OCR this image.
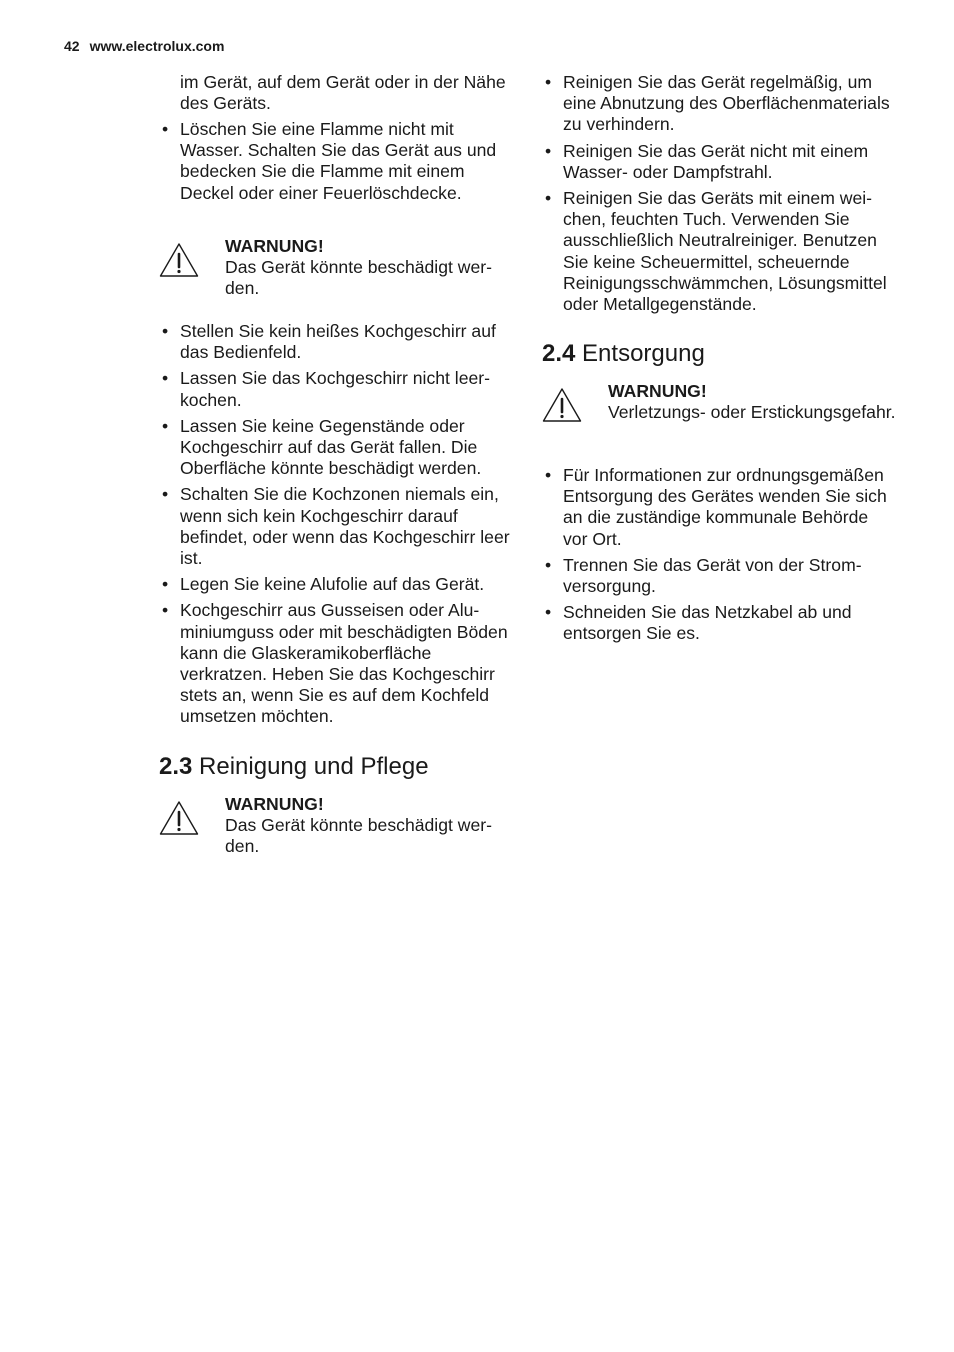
42 www.electrolux.com

im Gerät, auf dem Gerät oder in der Nähe des Geräts.

• Löschen Sie eine Flamme nicht mit Wasser. Schalten Sie das Gerät aus und bedecken Sie die Flamme mit einem Deckel oder einer Feuerlöschdecke.
WARNUNG!
Das Gerät könnte beschädigt werden.
• Stellen Sie kein heißes Kochgeschirr auf das Bedienfeld.
• Lassen Sie das Kochgeschirr nicht leerkochen.
• Lassen Sie keine Gegenstände oder Kochgeschirr auf das Gerät fallen. Die Oberfläche könnte beschädigt werden.
• Schalten Sie die Kochzonen niemals ein, wenn sich kein Kochgeschirr darauf befindet, oder wenn das Kochgeschirr leer ist.
• Legen Sie keine Alufolie auf das Gerät.
• Kochgeschirr aus Gusseisen oder Aluminiumguss oder mit beschädigten Böden kann die Glaskeramikoberfläche verkratzen. Heben Sie das Kochgeschirr stets an, wenn Sie es auf dem Kochfeld umsetzen möchten.
2.3 Reinigung und Pflege
WARNUNG!
Das Gerät könnte beschädigt werden.
• Reinigen Sie das Gerät regelmäßig, um eine Abnutzung des Oberflächenmaterials zu verhindern.
• Reinigen Sie das Gerät nicht mit einem Wasser- oder Dampfstrahl.
• Reinigen Sie das Geräts mit einem weichen, feuchten Tuch. Verwenden Sie ausschließlich Neutralreiniger. Benutzen Sie keine Scheuermittel, scheuernde Reinigungsschwämmchen, Lösungsmittel oder Metallgegenstände.
2.4 Entsorgung
WARNUNG!
Verletzungs- oder Erstickungsgefahr.
• Für Informationen zur ordnungsgemäßen Entsorgung des Gerätes wenden Sie sich an die zuständige kommunale Behörde vor Ort.
• Trennen Sie das Gerät von der Stromversorgung.
• Schneiden Sie das Netzkabel ab und entsorgen Sie es.
